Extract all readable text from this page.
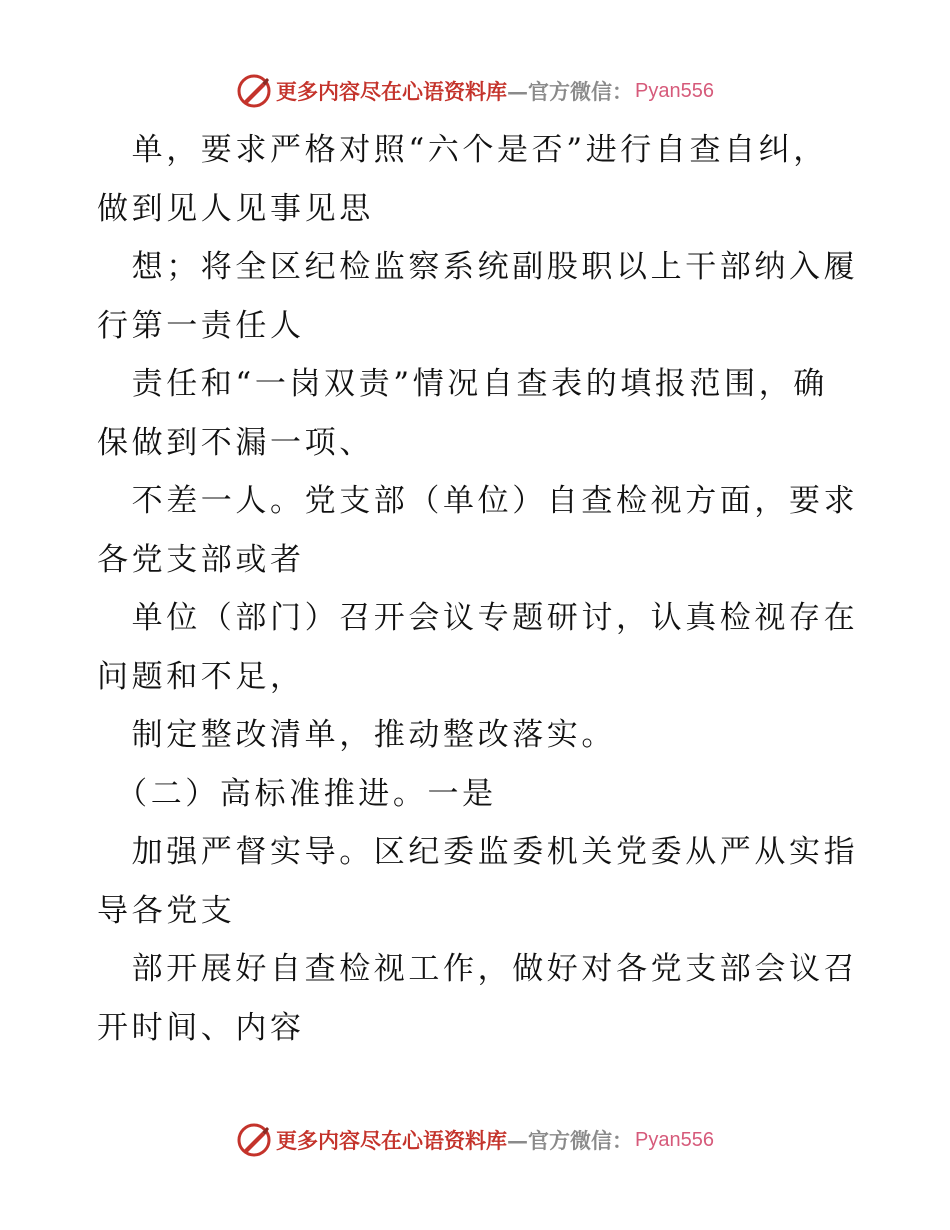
更多内容尽在心语资料库 — 官方微信： Pyan556

　单，要求严格对照“六个是否”进行自查自纠，

做到见人见事见思

　想；将全区纪检监察系统副股职以上干部纳入履

行第一责任人

　责任和“一岗双责”情况自查表的填报范围，确

保做到不漏一项、

　不差一人。党支部（单位）自查检视方面，要求

各党支部或者

　单位（部门）召开会议专题研讨，认真检视存在

问题和不足，

　制定整改清单，推动整改落实。

　（二）高标准推进。一是

　加强严督实导。区纪委监委机关党委从严从实指

导各党支

　部开展好自查检视工作，做好对各党支部会议召

开时间、内容

更多内容尽在心语资料库 — 官方微信： Pyan556
